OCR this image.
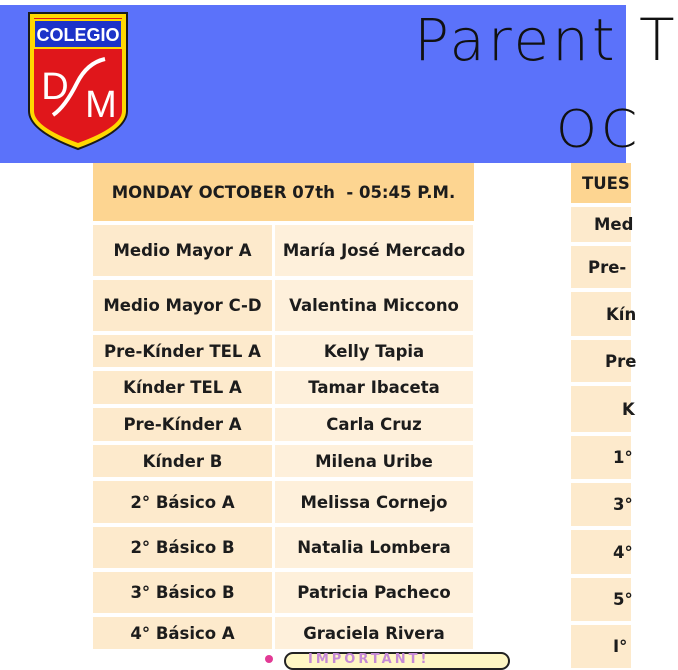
COLEGIO
D M
Parent T
OC
MONDAY OCTOBER 07th  - 05:45 P.M.
Medio Mayor A	María José Mercado
Medio Mayor C-D	Valentina Miccono
Pre-Kínder TEL A	Kelly Tapia
Kínder TEL A	Tamar Ibaceta
Pre-Kínder A	Carla Cruz
Kínder B	Milena Uribe
2° Básico A	Melissa Cornejo
2° Básico B	Natalia Lombera
3° Básico B	Patricia Pacheco
4° Básico A	Graciela Rivera
TUES
Med
Pre-
Kín
Pre
K
1°
3°
4°
5°
I°
IMPORTANT!
